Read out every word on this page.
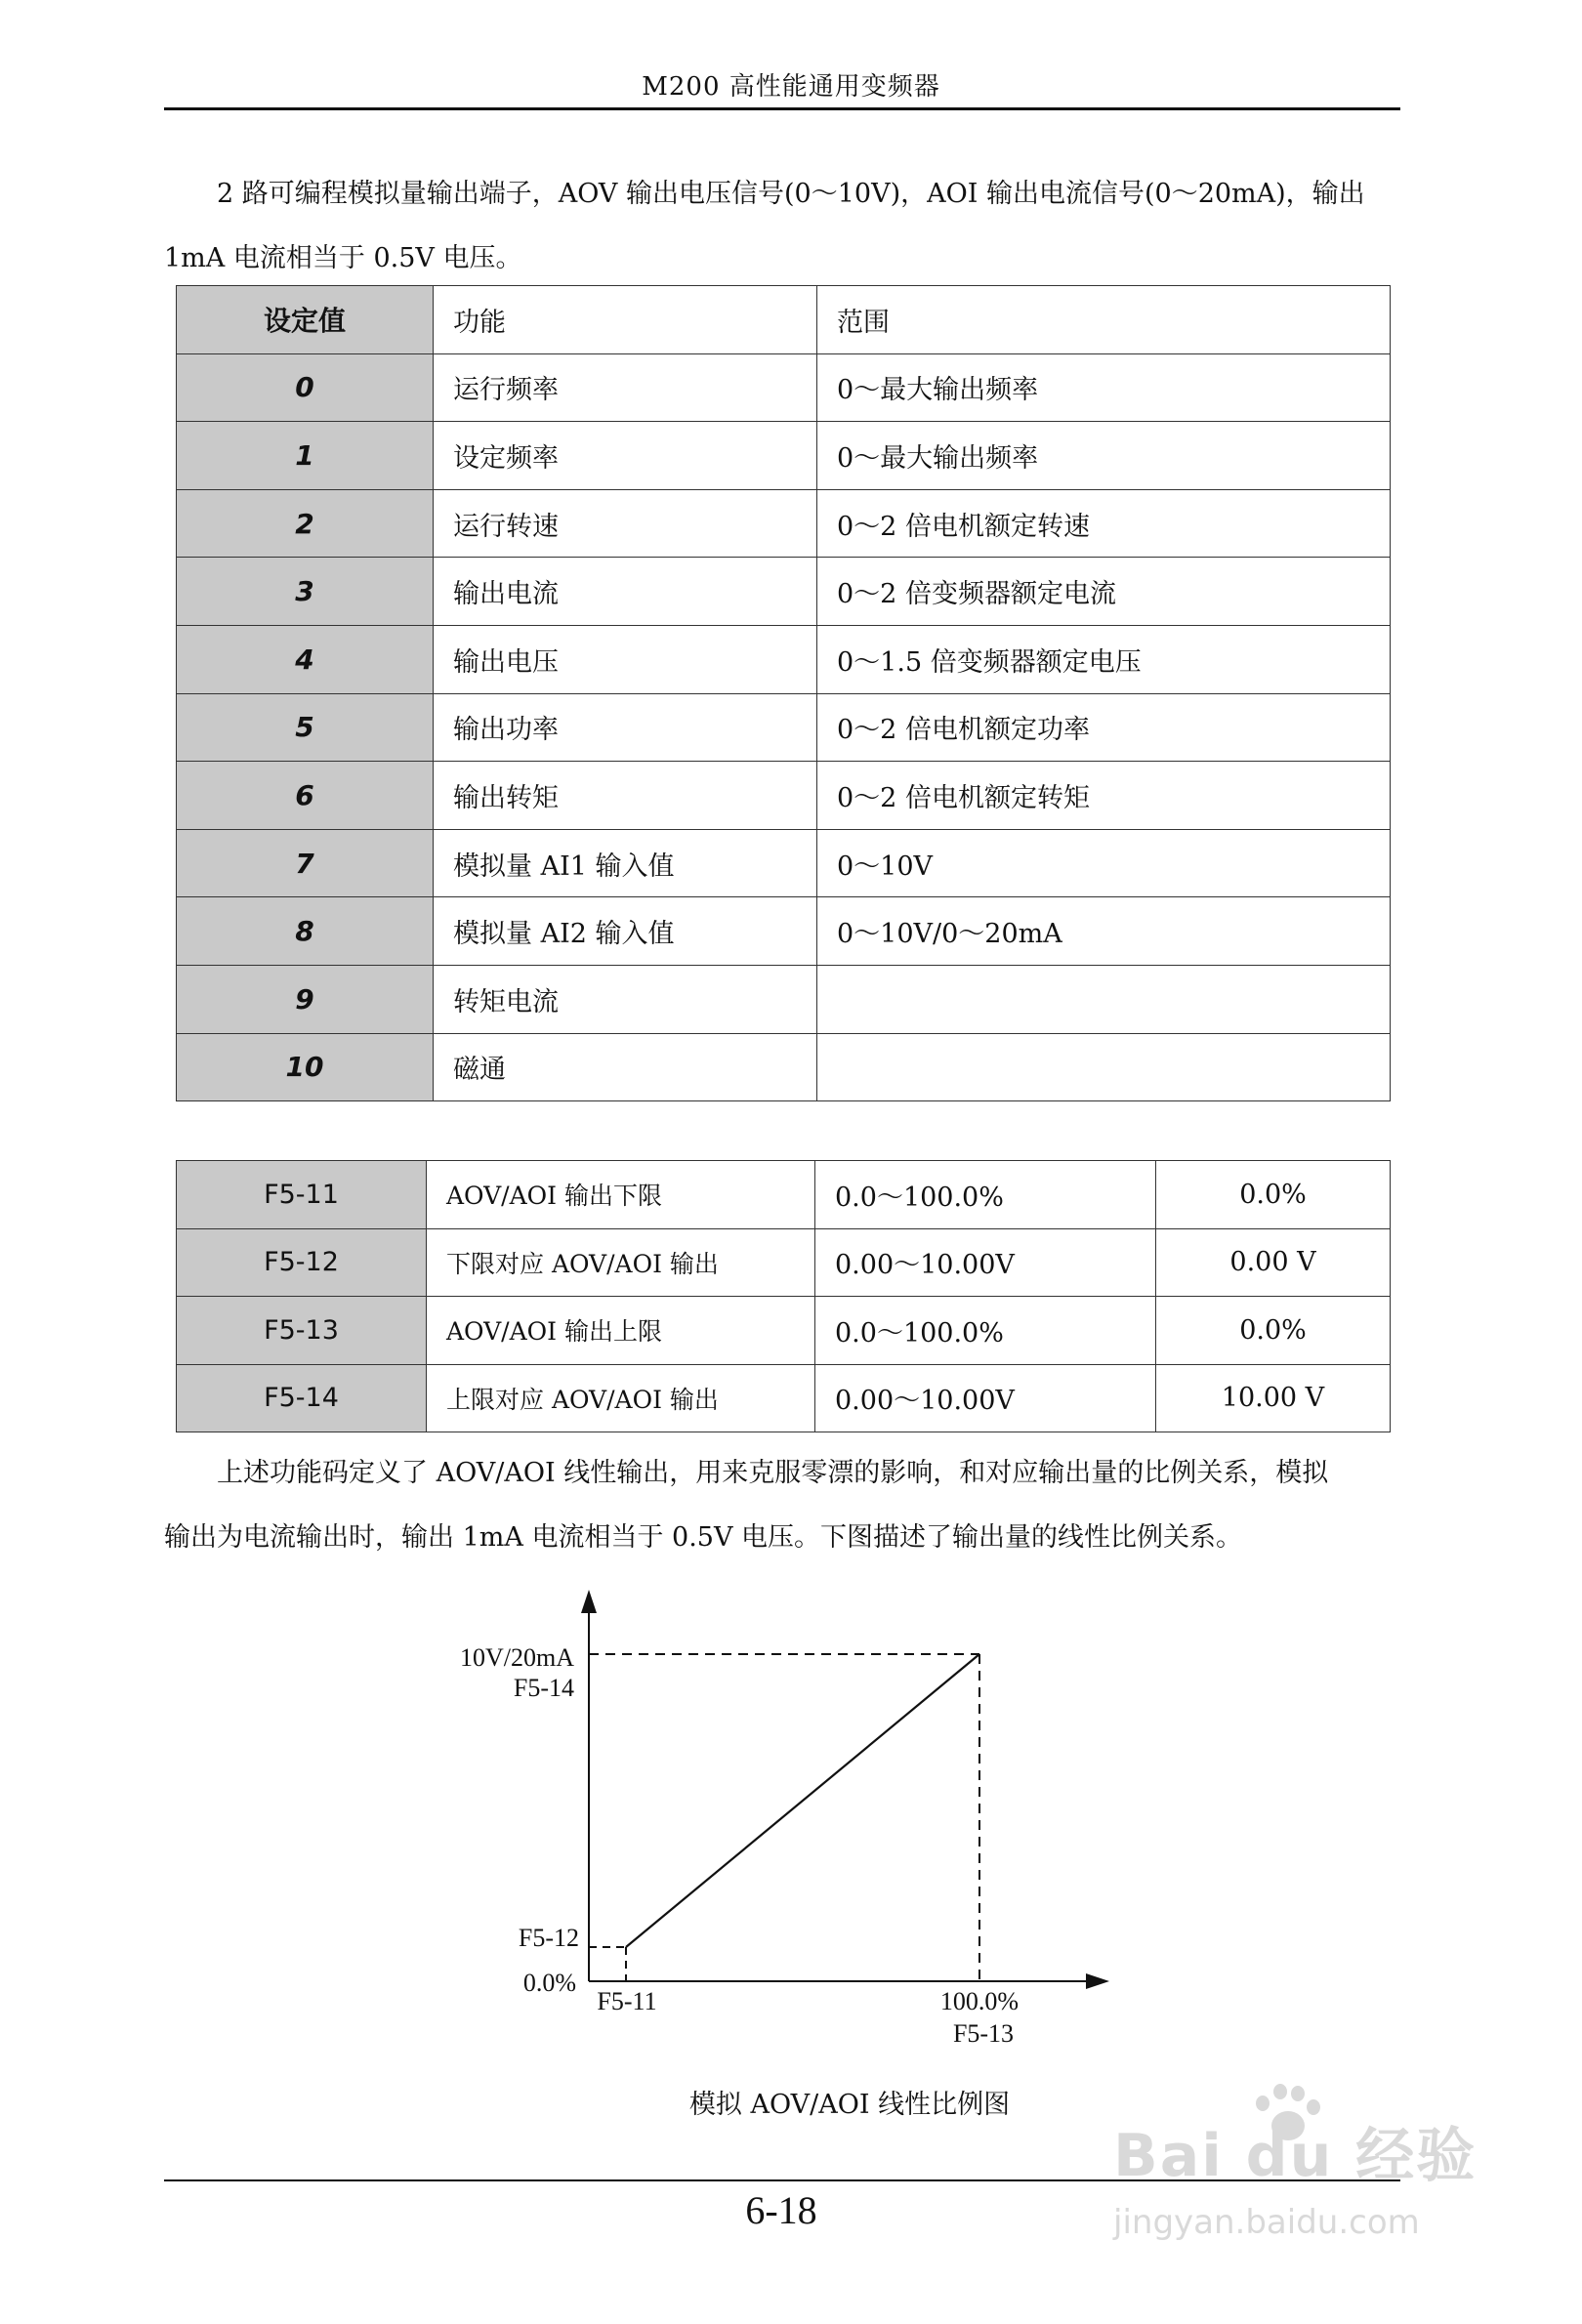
M200 高性能通用变频器
2 路可编程模拟量输出端子，AOV 输出电压信号(0～10V)，AOI 输出电流信号(0～20mA)，输出
1mA 电流相当于 0.5V 电压。
设定值	功能	范围
0	运行频率	0～最大输出频率
1	设定频率	0～最大输出频率
2	运行转速	0～2 倍电机额定转速
3	输出电流	0～2 倍变频器额定电流
4	输出电压	0～1.5 倍变频器额定电压
5	输出功率	0～2 倍电机额定功率
6	输出转矩	0～2 倍电机额定转矩
7	模拟量 AI1 输入值	0～10V
8	模拟量 AI2 输入值	0～10V/0～20mA
9	转矩电流	
10	磁通	
F5-11	AOV/AOI 输出下限	0.0～100.0%	0.0%
F5-12	下限对应 AOV/AOI 输出	0.00～10.00V	0.00 V
F5-13	AOV/AOI 输出上限	0.0～100.0%	0.0%
F5-14	上限对应 AOV/AOI 输出	0.00～10.00V	10.00 V
上述功能码定义了 AOV/AOI 线性输出，用来克服零漂的影响，和对应输出量的比例关系，模拟
输出为电流输出时，输出 1mA 电流相当于 0.5V 电压。下图描述了输出量的线性比例关系。
10V/20mA
F5-14
F5-12
0.0%
F5-11	100.0%
F5-13
模拟 AOV/AOI 线性比例图
6-18
Bai du 经验
jingyan.baidu.com
